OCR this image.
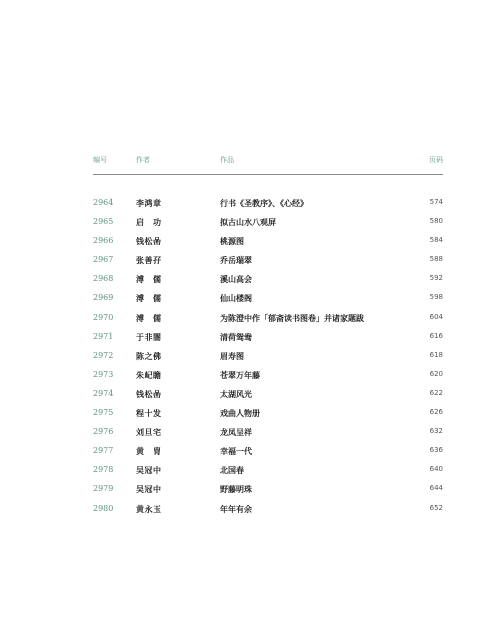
编号	作者	作品	页码
2964	李鸿章	行书《圣教序》、《心经》	574
2965	启　功	拟古山水八观屏	580
2966	钱松嵒	桃源图	584
2967	张善孖	乔岳瑞翠	588
2968	溥　儒	溪山高会	592
2969	溥　儒	仙山楼阁	598
2970	溥　儒	为陈澄中作「郁斋读书图卷」并诸家题跋	604
2971	于非闇	清荷鸳鸯	616
2972	陈之佛	眉寿图	618
2973	朱屺瞻	苍翠万年藤	620
2974	钱松嵒	太湖风光	622
2975	程十发	戏曲人物册	626
2976	刘旦宅	龙凤呈祥	632
2977	黄　胄	幸福一代	636
2978	吴冠中	北国春	640
2979	吴冠中	野藤明珠	644
2980	黄永玉	年年有余	652
